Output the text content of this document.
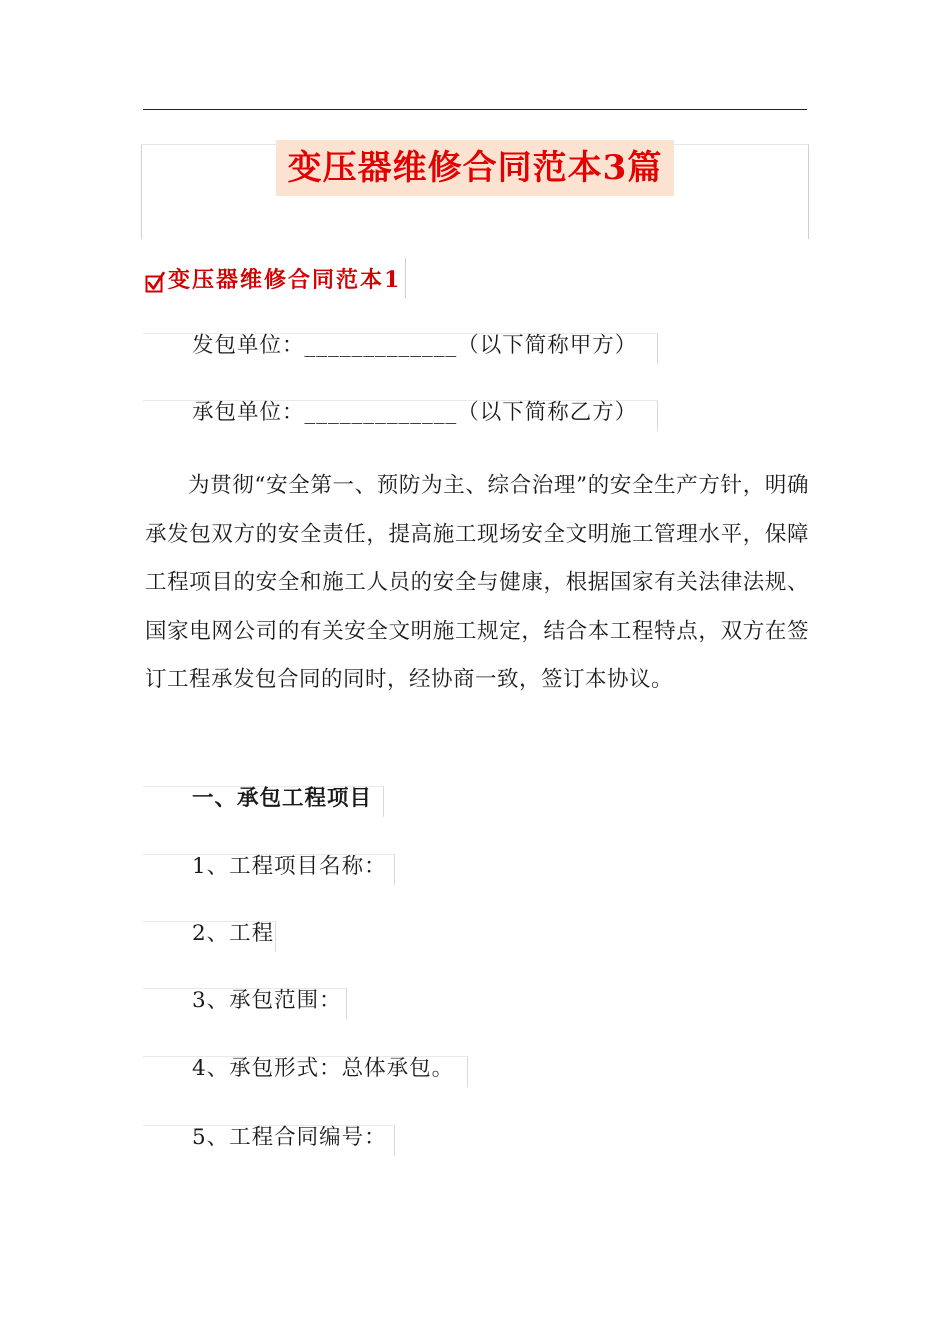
变压器维修合同范本3篇
变压器维修合同范本1
发包单位：_____________（以下简称甲方）
承包单位：_____________（以下简称乙方）

为贯彻“安全第一、预防为主、综合治理”的安全生产方针，明确承发包双方的安全责任，提高施工现场安全文明施工管理水平，保障工程项目的安全和施工人员的安全与健康，根据国家有关法律法规、国家电网公司的有关安全文明施工规定，结合本工程特点，双方在签订工程承发包合同的同时，经协商一致，签订本协议。

一、承包工程项目
1、工程项目名称：
2、工程
3、承包范围：
4、承包形式：总体承包。
5、工程合同编号：
